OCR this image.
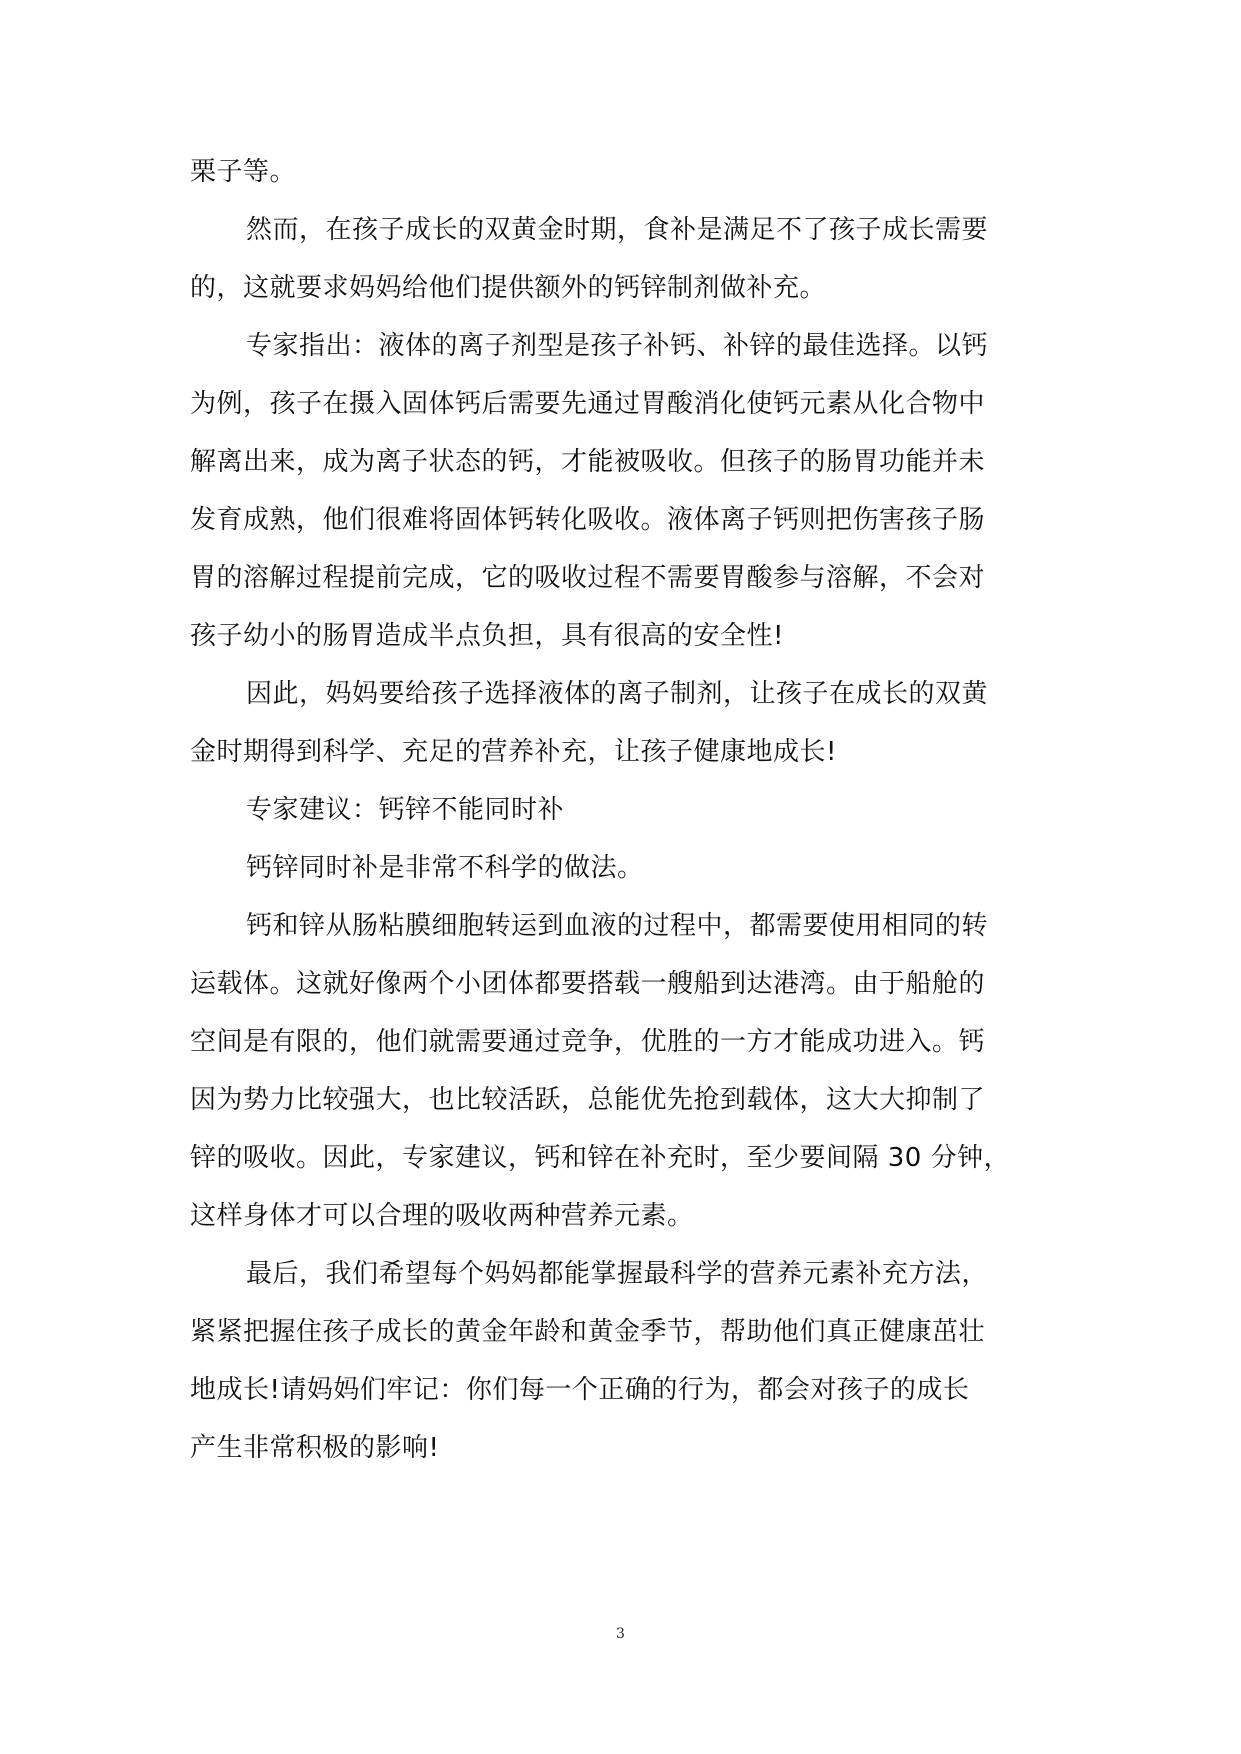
栗子等。
然而，在孩子成长的双黄金时期，食补是满足不了孩子成长需要
的，这就要求妈妈给他们提供额外的钙锌制剂做补充。
专家指出：液体的离子剂型是孩子补钙、补锌的最佳选择。以钙
为例，孩子在摄入固体钙后需要先通过胃酸消化使钙元素从化合物中
解离出来，成为离子状态的钙，才能被吸收。但孩子的肠胃功能并未
发育成熟，他们很难将固体钙转化吸收。液体离子钙则把伤害孩子肠
胃的溶解过程提前完成，它的吸收过程不需要胃酸参与溶解，不会对
孩子幼小的肠胃造成半点负担，具有很高的安全性!
因此，妈妈要给孩子选择液体的离子制剂，让孩子在成长的双黄
金时期得到科学、充足的营养补充，让孩子健康地成长!
专家建议：钙锌不能同时补
钙锌同时补是非常不科学的做法。
钙和锌从肠粘膜细胞转运到血液的过程中，都需要使用相同的转
运载体。这就好像两个小团体都要搭载一艘船到达港湾。由于船舱的
空间是有限的，他们就需要通过竞争，优胜的一方才能成功进入。钙
因为势力比较强大，也比较活跃，总能优先抢到载体，这大大抑制了
锌的吸收。因此，专家建议，钙和锌在补充时，至少要间隔 30 分钟，
这样身体才可以合理的吸收两种营养元素。
最后，我们希望每个妈妈都能掌握最科学的营养元素补充方法，
紧紧把握住孩子成长的黄金年龄和黄金季节，帮助他们真正健康茁壮
地成长!请妈妈们牢记：你们每一个正确的行为，都会对孩子的成长
产生非常积极的影响!
3
